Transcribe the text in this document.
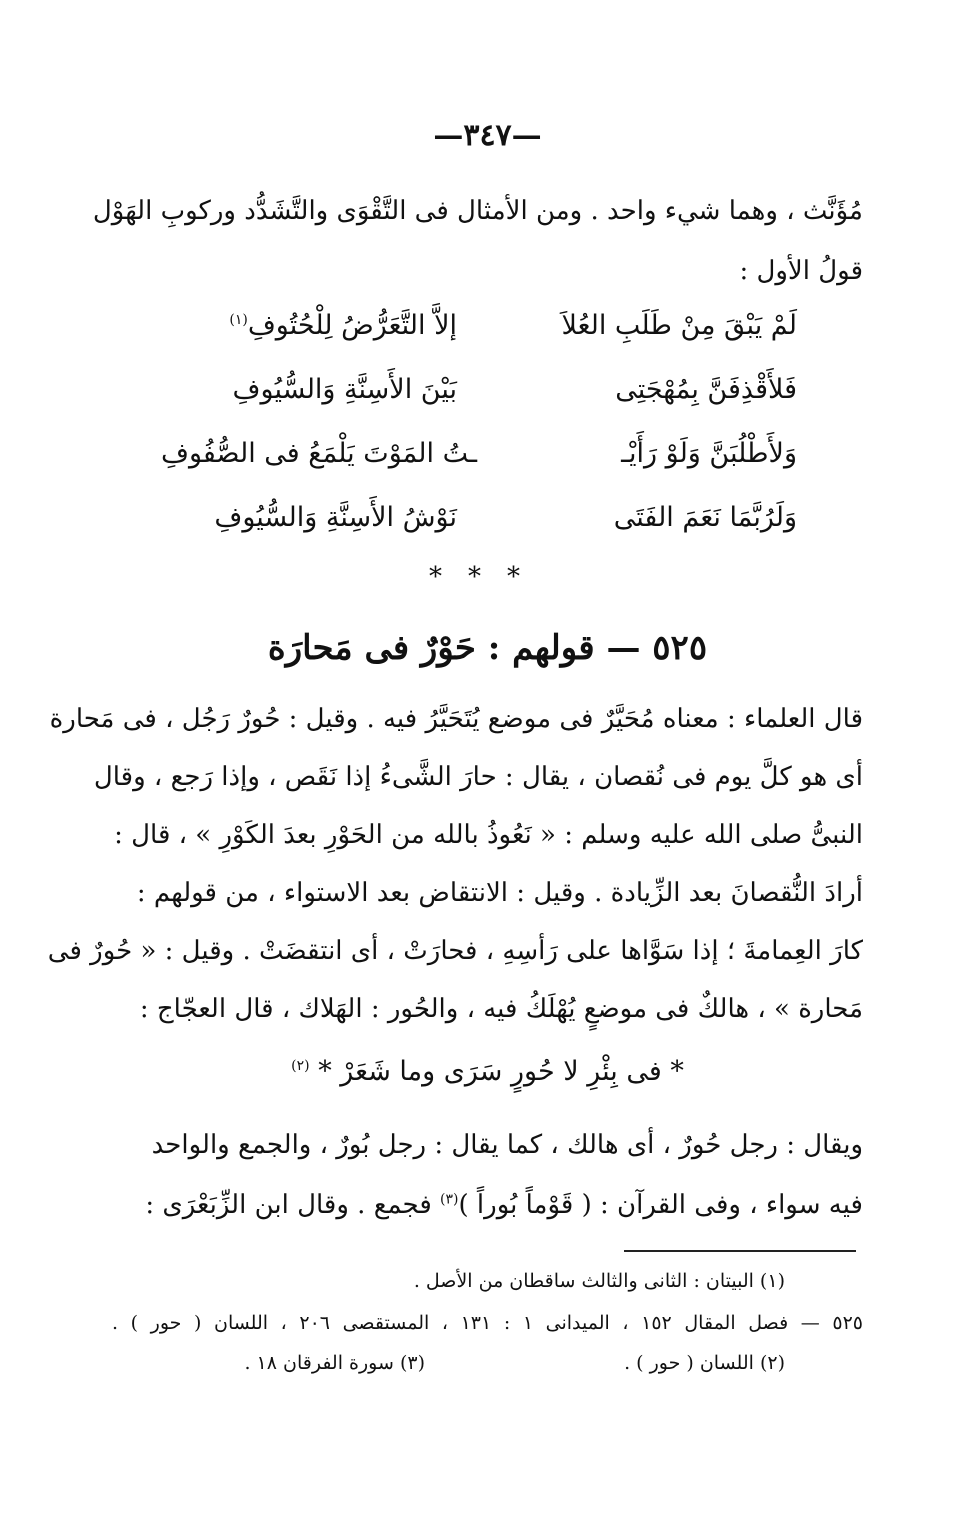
—٣٤٧—
مُؤَنَّث ، وهما شيء واحد . ومن الأمثال فى التَّقْوَى والتَّشَدُّد وركوبِ الهَوْل
قولُ الأول :
لَمْ يَبْقَ مِنْ طَلَبِ العُلاَ
إلاَّ التَّعَرُّضُ لِلْحُتُوفِ$^{(١)}$
فَلأَقْذِفَنَّ بِمُهْجَتِى
بَيْنَ الأَسِنَّةِ وَالسُّيُوفِ
وَلأَطْلُبَنَّ وَلَوْ رَأَيْـ
ـتُ المَوْتَ يَلْمَعُ فى الصُّفُوفِ
وَلَرُبَّمَا نَعَمَ الفَتَى
نَوْشُ الأَسِنَّةِ وَالسُّيُوفِ
***
٥٢٥ — قولهم : حَوْرٌ فى مَحارَة
قال العلماء : معناه مُحَيَّرٌ فى موضع يُتَحَيَّرُ فيه . وقيل : حُورٌ رَجُل ، فى مَحارة
أى هو كلَّ يوم فى نُقصان ، يقال : حارَ الشَّىءُ إذا نَقَص ، وإذا رَجع ، وقال
النبىُّ صلى الله عليه وسلم : « نَعُوذُ بالله من الحَوْرِ بعدَ الكَوْرِ » ، قال :
أرادَ النُّقصانَ بعد الزِّيادة . وقيل : الانتقاض بعد الاستواء ، من قولهم :
كارَ العِمامةَ ؛ إذا سَوَّاها على رَأسِهِ ، فحارَتْ ، أى انتقضَتْ . وقيل : « حُورٌ فى
مَحارة » ، هالكٌ فى موضعٍ يُهْلَكُ فيه ، والحُور : الهَلاك ، قال العجّاج :
* فى بِئْرِ لا حُورٍ سَرَى وما شَعَرْ * $^{(٢)}$
ويقال : رجل حُورٌ ، أى هالك ، كما يقال : رجل بُورٌ ، والجمع والواحد
فيه سواء ، وفى القرآن : ( قَوْماً بُوراً )$^{(٣)}$ فجمع . وقال ابن الزِّبَعْرَى :
(١) البيتان : الثانى والثالث ساقطان من الأصل .
٥٢٥ — فصل المقال ١٥٢ ، الميدانى ١ : ١٣١ ، المستقصى ٢٠٦ ، اللسان ( حور ) .
(٢) اللسان ( حور ) .
(٣) سورة الفرقان ١٨ .
